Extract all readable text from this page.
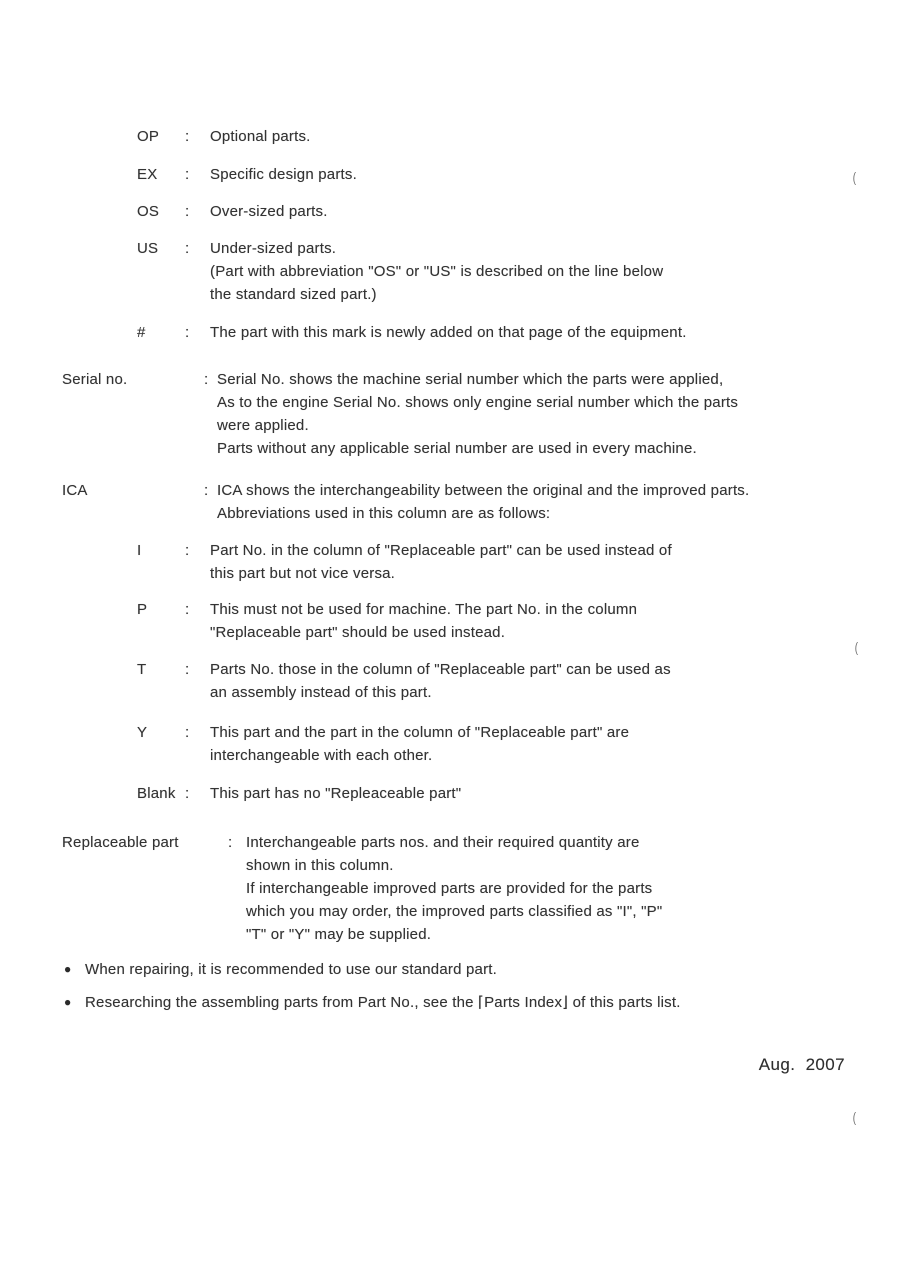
OP	:	Optional parts.
EX	:	Specific design parts.
OS	:	Over-sized parts.
US	:	Under-sized parts.
(Part with abbreviation "OS" or "US" is described on the line below
the standard sized part.)
#	:	The part with this mark is newly added on that page of the equipment.
Serial no.	: Serial No. shows the machine serial number which the parts were applied,
As to the engine Serial No. shows only engine serial number which the parts
were applied.
Parts without any applicable serial number are used in every machine.
ICA	: ICA shows the interchangeability between the original and the improved parts.
Abbreviations used in this column are as follows:
I	:	Part No. in the column of "Replaceable part" can be used instead of
this part but not vice versa.
P	:	This must not be used for machine. The part No. in the column
"Replaceable part" should be used instead.
T	:	Parts No. those in the column of "Replaceable part" can be used as
an assembly instead of this part.
Y	:	This part and the part in the column of "Replaceable part" are
interchangeable with each other.
Blank :	This part has no "Repleaceable part"
Replaceable part	: Interchangeable parts nos. and their required quantity are
shown in this column.
If interchangeable improved parts are provided for the parts
which you may order, the improved parts classified as "I", "P"
"T" or "Y" may be supplied.
● When repairing, it is recommended to use our standard part.
● Researching the assembling parts from Part No., see the ⌈Parts Index⌋ of this parts list.
Aug.  2007
(
(
(
